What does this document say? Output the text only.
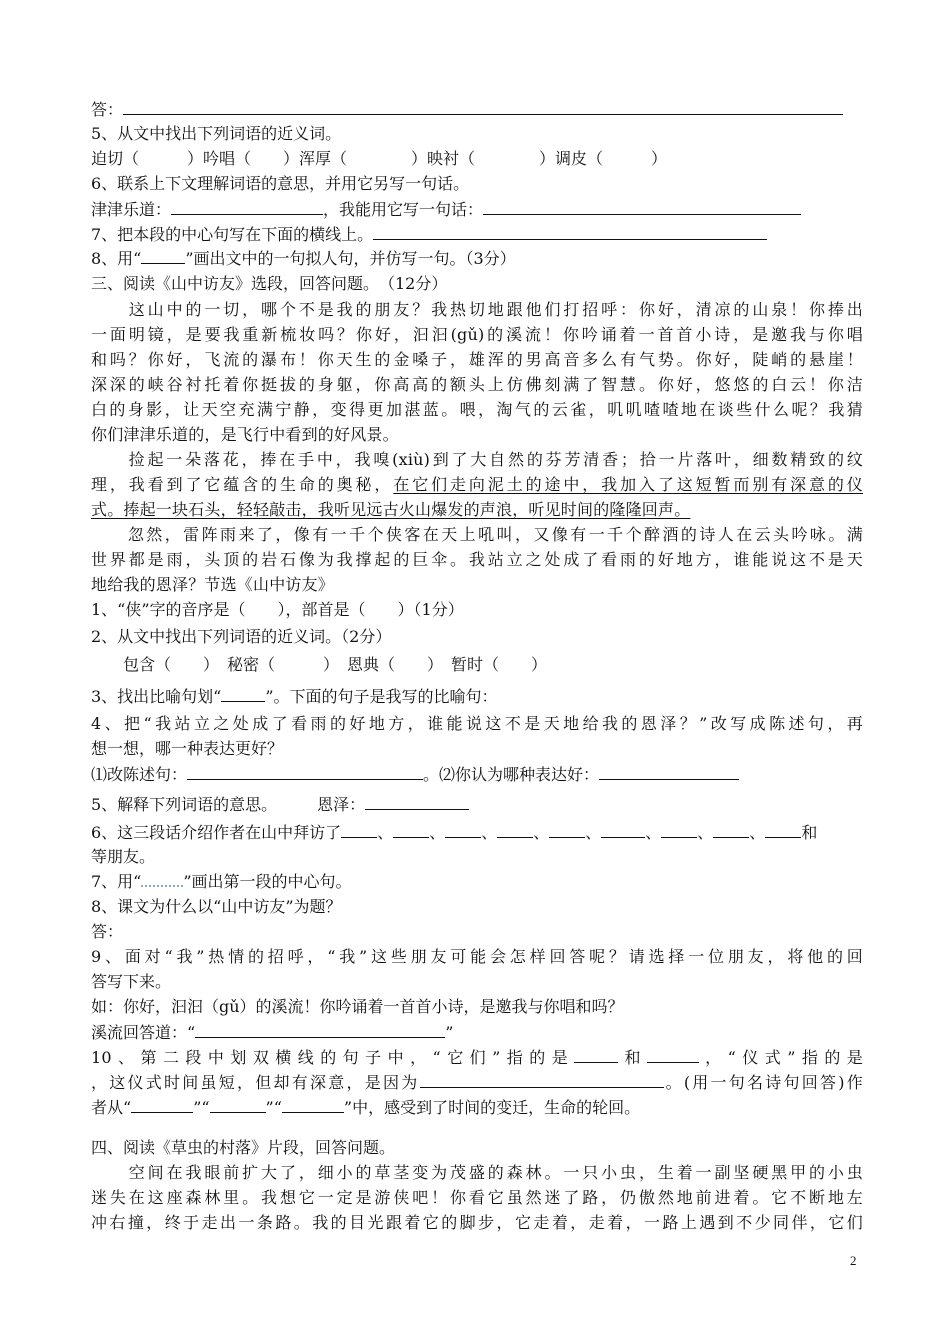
答：
5、从文中找出下列词语的近义词。
迫切（　　　）吟唱（　　）浑厚（　　　　）映衬（　　　　）调皮（　　　）
6、联系上下文理解词语的意思，并用它另写一句话。
津津乐道：	，我能用它写一句话：
7、把本段的中心句写在下面的横线上。
8、用“	”画出文中的一句拟人句，并仿写一句。（3分）
三、阅读《山中访友》选段，回答问题。　（12分）
　　这山中的一切，哪个不是我的朋友？我热切地跟他们打招呼：你好，清凉的山泉！你捧出
一面明镜，是要我重新梳妆吗？你好，汩汩(gǔ)的溪流！你吟诵着一首首小诗，是邀我与你唱
和吗？你好，飞流的瀑布！你天生的金嗓子，雄浑的男高音多么有气势。你好，陡峭的悬崖！
深深的峡谷衬托着你挺拔的身躯，你高高的额头上仿佛刻满了智慧。你好，悠悠的白云！你洁
白的身影，让天空充满宁静，变得更加湛蓝。喂，淘气的云雀，叽叽喳喳地在谈些什么呢？我猜
你们津津乐道的，是飞行中看到的好风景。
　　捡起一朵落花，捧在手中，我嗅(xiù)到了大自然的芬芳清香；拾一片落叶，细数精致的纹
理，我看到了它蕴含的生命的奥秘，在它们走向泥土的途中，我加入了这短暂而别有深意的仪
式。捧起一块石头，轻轻敲击，我听见远古火山爆发的声浪，听见时间的隆隆回声。
　　忽然，雷阵雨来了，像有一千个侠客在天上吼叫，又像有一千个醉酒的诗人在云头吟咏。满
世界都是雨，头顶的岩石像为我撑起的巨伞。我站立之处成了看雨的好地方，谁能说这不是天
地给我的恩泽？节选《山中访友》
1、“侠”字的音序是（　　），部首是（　　）（1分）
2、从文中找出下列词语的近义词。（2分）
　　包含（　　）　秘密（　　　）　恩典（　　）　暂时（　　）
3、找出比喻句划“	”。下面的句子是我写的比喻句：
4、把“我站立之处成了看雨的好地方，谁能说这不是天地给我的恩泽？”改写成陈述句，再
想一想，哪一种表达更好？
⑴改陈述句：	。⑵你认为哪种表达好：
5、解释下列词语的意思。　　　恩泽：
6、这三段话介绍作者在山中拜访了 、 、 、 、 、	、 、 、 和
等朋友。
7、用“	”画出第一段的中心句。
8、课文为什么以“山中访友”为题？
答：
9、面对“我”热情的招呼，“我”这些朋友可能会怎样回答呢？请选择一位朋友，将他的回
答写下来。
如：你好，汩汩（gǔ）的溪流！你吟诵着一首首小诗，是邀我与你唱和吗？
溪流回答道：“	”
10、第二段中划双横线的句子中，“它们”指的是	和	，“仪式”指的是
，这仪式时间虽短，但却有深意，是因为	。(用一句名诗句回答)作
者从“	”“	”“	”中，感受到了时间的变迁，生命的轮回。
四、阅读《草虫的村落》片段，回答问题。
　　空间在我眼前扩大了，细小的草茎变为茂盛的森林。一只小虫，生着一副坚硬黑甲的小虫
迷失在这座森林里。我想它一定是游侠吧！你看它虽然迷了路，仍傲然地前进着。它不断地左
冲右撞，终于走出一条路。我的目光跟着它的脚步，它走着，走着，一路上遇到不少同伴，它们
2
